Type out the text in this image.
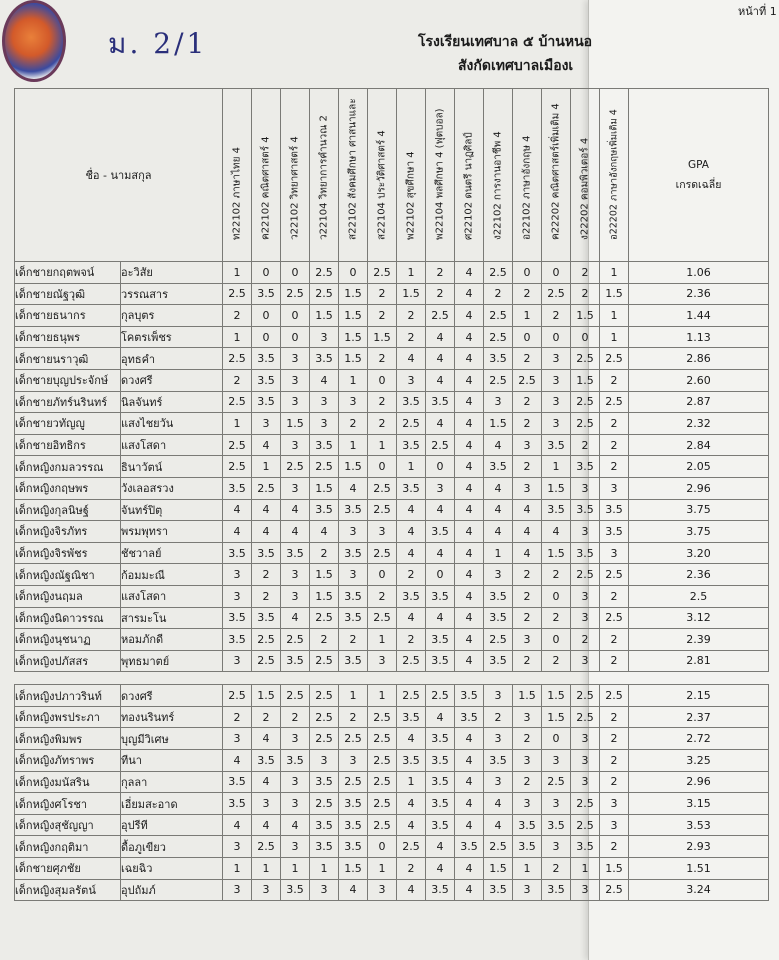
ม. 2/1	โรงเรียนเทศบาล ๕ บ้านหนอ
สังกัดเทศบาลเมืองเ
หน้าที่ 1
ชื่อ - นามสกุล		ท22102 ภาษาไทย 4	ค22102 คณิตศาสตร์ 4	ว22102 วิทยาศาสตร์ 4	ว22104 วิทยาการคำนวณ 2	ส22102 สังคมศึกษา ศาสนาและ	ส22104 ประวัติศาสตร์ 4	พ22102 สุขศึกษา 4	พ22104 พลศึกษา 4 (ฟุตบอล)	ศ22102 ดนตรี นาฏศิลป์	ง22102 การงานอาชีพ 4	อ22102 ภาษาอังกฤษ 4	ค22202 คณิตศาสตร์เพิ่มเติม 4	ง22202 คอมพิวเตอร์ 4	อ22202 ภาษาอังกฤษเพิ่มเติม 4	GPA
เกรดเฉลี่ย

เด็กชายกฤตพจน์	อะวิสัย	1	0	0	2.5	0	2.5	1	2	4	2.5	0	0	2	1	1.06
เด็กชายณัฐวุฒิ	วรรณสาร	2.5	3.5	2.5	2.5	1.5	2	1.5	2	4	2	2	2.5	2	1.5	2.36
เด็กชายธนากร	กุลบุตร	2	0	0	1.5	1.5	2	2	2.5	4	2.5	1	2	1.5	1	1.44
เด็กชายธนุพร	โคตรเพ็ชร	1	0	0	3	1.5	1.5	2	4	4	2.5	0	0	0	1	1.13
เด็กชายนราวุฒิ	อุทธคำ	2.5	3.5	3	3.5	1.5	2	4	4	4	3.5	2	3	2.5	2.5	2.86
เด็กชายบุญประจักษ์	ดวงศรี	2	3.5	3	4	1	0	3	4	4	2.5	2.5	3	1.5	2	2.60
เด็กชายภัทร์นรินทร์	นิลจันทร์	2.5	3.5	3	3	3	2	3.5	3.5	4	3	2	3	2.5	2.5	2.87
เด็กชายวทัญญู	แสงไชยวัน	1	3	1.5	3	2	2	2.5	4	4	1.5	2	3	2.5	2	2.32
เด็กชายอิทธิกร	แสงโสดา	2.5	4	3	3.5	1	1	3.5	2.5	4	4	3	3.5	2	2	2.84
เด็กหญิงกมลวรรณ	ธินาวัตน์	2.5	1	2.5	2.5	1.5	0	1	0	4	3.5	2	1	3.5	2	2.05
เด็กหญิงกฤษพร	วังเลอสรวง	3.5	2.5	3	1.5	4	2.5	3.5	3	4	4	3	1.5	3	3	2.96
เด็กหญิงกุลนิษฐ์	จันทร์ปิตุ	4	4	4	3.5	3.5	2.5	4	4	4	4	4	3.5	3.5	3.5	3.75
เด็กหญิงจิรภัทร	พรมพุทรา	4	4	4	4	3	3	4	3.5	4	4	4	4	3	3.5	3.75
เด็กหญิงจิรพัชร	ชัชวาลย์	3.5	3.5	3.5	2	3.5	2.5	4	4	4	1	4	1.5	3.5	3	3.20
เด็กหญิงณัฐณิชา	ก้อมมะณี	3	2	3	1.5	3	0	2	0	4	3	2	2	2.5	2.5	2.36
เด็กหญิงนฤมล	แสงโสดา	3	2	3	1.5	3.5	2	3.5	3.5	4	3.5	2	0	3	2	2.5
เด็กหญิงนิดาวรรณ	สารมะโน	3.5	3.5	4	2.5	3.5	2.5	4	4	4	3.5	2	2	3	2.5	3.12
เด็กหญิงนุชนาฏ	หอมภักดี	3.5	2.5	2.5	2	2	1	2	3.5	4	2.5	3	0	2	2	2.39
เด็กหญิงปภัสสร	พุทธมาตย์	3	2.5	3.5	2.5	3.5	3	2.5	3.5	4	3.5	2	2	3	2	2.81

เด็กหญิงปภาวรินท์	ดวงศรี	2.5	1.5	2.5	2.5	1	1	2.5	2.5	3.5	3	1.5	1.5	2.5	2.5	2.15
เด็กหญิงพรประภา	ทองนรินทร์	2	2	2	2.5	2	2.5	3.5	4	3.5	2	3	1.5	2.5	2	2.37
เด็กหญิงพิมพร	บุญมีวิเศษ	3	4	3	2.5	2.5	2.5	4	3.5	4	3	2	0	3	2	2.72
เด็กหญิงภัทราพร	ทีนา	4	3.5	3.5	3	3	2.5	3.5	3.5	4	3.5	3	3	3	2	3.25
เด็กหญิงมนัสริน	กุลลา	3.5	4	3	3.5	2.5	2.5	1	3.5	4	3	2	2.5	3	2	2.96
เด็กหญิงศโรชา	เอี่ยมสะอาด	3.5	3	3	2.5	3.5	2.5	4	3.5	4	4	3	3	2.5	3	3.15
เด็กหญิงสุชัญญา	อุปรีที	4	4	4	3.5	3.5	2.5	4	3.5	4	4	3.5	3.5	2.5	3	3.53
เด็กหญิงกฤติมา	ดื้อภูเขียว	3	2.5	3	3.5	3.5	0	2.5	4	3.5	2.5	3.5	3	3.5	2	2.93
เด็กชายศุภชัย	เฉยฉิว	1	1	1	1	1.5	1	2	4	4	1.5	1	2	1	1.5	1.51
เด็กหญิงสุมลรัตน์	อุปถัมภ์	3	3	3.5	3	4	3	4	3.5	4	3.5	3	3.5	3	2.5	3.24
